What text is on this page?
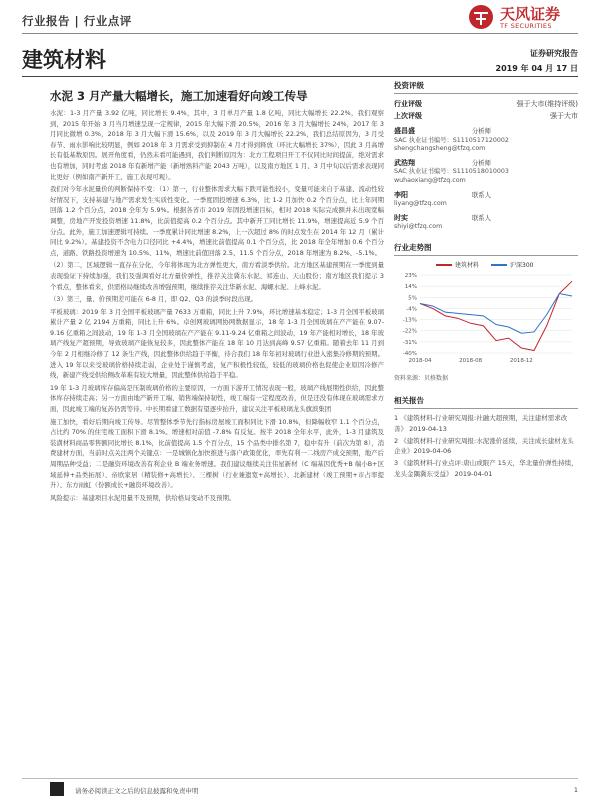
行业报告 | 行业点评	天风证券
TF SECURITIES
建筑材料	证券研究报告
2019 年 04 月 17 日
水泥 3 月产量大幅增长，施工加速看好向竣工传导

水泥：1-3 月产量 3.92 亿吨，同比增长 9.4%，其中，3 月单月产量 1.8 亿吨，同比大幅增长 22.2%，我们观察到，2015 年开始 3 月当月增速呈现一定规律，2015 年大幅下滑 20.5%，2016 年 3 月大幅增长 24%，2017 年 3 月同比微增 0.3%，2018 年 3 月大幅下滑 15.6%，以及 2019 年 3 月大幅增长 22.2%，我们总结原因为，3 月受春节、雨水影响比较明显，例如 2018 年 3 月需求受到抑制在 4 月才得到释放（环比大幅增长 37%），因此 3 月高增长有低基数原因。展开角度看，仍然未看可能遇到，我们判断原因为：北方工程项目开工不仅同比时间提前，绝对需求也有增加，同时考虑 2018 年有新增产能（新增熟料产能 2043 万吨），以及南方地区 1 月、3 月中旬以后需求表现同比更好（例如南产新开工、施工表现可观）。

我们对今年水泥量价的判断保持不变：（1）第一，行业整体需求大幅下跌可能性较小，变量可能来自于基建、流动性较好情况下，支持基建与地产需求发生实质性变化。一季度固投增速 6.3%，比 1-2 月加快 0.2 个百分点，比上年同期回落 1.2 个百分点，2018 全年为 5.9%。根据各省市 2019 年固投增速目标，相对 2018 实际完成额并未出现宽幅调整，房地产开发投资增速 11.8%，比前值提高 0.2 个百分点。其中新开工同比增长 11.9%，增速提高近 5.9 个百分点。此外，施工加速逻辑可持续。一季度累计同比增速 8.2%，上一次超过 8% 的时点发生在 2014 年 12 月（累计同比 9.2%）。基建投资不含电力口径同比 +4.4%，增速比前值提高 0.1 个百分点，比 2018 年全年增加 0.6 个百分点，道路、铁路投资增速为 10.5%、11%，增速比前值回落 2.5、11.5 个百分点，2018 年增速为 8.2%、-5.1%。

（2）第二，区域逻辑一直存在分化，今年将体现为北方弹性更大，南方看淡季供给。北方地区基建预期在一季度到量表现验证下持续加强，我们及强调看好北方量价弹性，推荐关注冀东水泥、祁连山、天山股份；南方地区我们提示 3 个看点，整体看来，供需格局继续改善增强预期，继续推荐关注华新水泥、海螺水泥、上峰水泥。

（3）第三，量、价预期差可能在 6-8 月，即 Q2、Q3 的淡季时段出现。

平板玻璃：2019 年 3 月全国平板玻璃产量 7633 万重箱，同比上升 7.9%，环比增速基本稳定；1-3 月全国平板玻璃累计产量 2 亿 2194 万重箱，同比上升 6%。卓创网玻璃网协网数据显示，18 年 1-3 月全国玻璃在产产能在 9.07-9.16 亿重箱之间波动，19 年 1-3 月全国玻璃在产产能在 9.11-9.24 亿重箱之间波动，19 年产能相对增长，18 年玻璃产线复产超预期，导致玻璃产能恢复较多，因此整体产能在 18 年 10 月达到高峰 9.57 亿重箱。随着去年 11 月到今年 2 月相继冷修了 12 条生产线，因此整体供给趋于平衡，待合我们 18 年年初对玻璃行业进入密集冷修期的预期。进入 19 年以来受玻璃价格持续走弱，企业处于谨慎考虑，复产积极性较低，较低的玻璃价格也促使企业原因冷修产线，新建产线受供给侧改革难有较大增量，因此整体供给趋于平稳。

19 年 1-3 月玻璃库存偏高是压制玻璃价格的主要原因，一方面下游开工情况表现一般，玻璃产线展期性供给，因此整体库存持续走高；另一方面由地产新开工端、销售端保持韧性，竣工端有一定程度改善，但是还没有体现在玻璃需求方面，因此竣工端的复苏仍需等待。中长期看建工数据有望逐步抬升，建议关注平板玻璃龙头旗滨集团

施工加快，看好后期向竣工传导。尽管整体季节先行指标房屋竣工面积同比下滑 10.8%，但降幅收窄 1.1 个百分点，占比约 70% 的住宅竣工面积下滑 8.1%。增速相对前值 -7.8% 有反复。按半 2018 全年水平，此外，1-3 月建筑及装潢材料商品零售额同比增长 8.1%，比前值提高 1.5 个百分点，15 个品类中排名第 7，稳中有升（前次为第 8），消费建材方面，当前时点关注两个关键点：一是城镇化加快推进与落户政策优化，率先有利一二线房产成交预期，地产后周期品种受益；二是融资环境改善有利企业 B 端业务增速。我们建议继续关注伟星新材（C 端基因优秀+B 端小B+区域延伸+品类拓展）、帝欧家居（精装修+高增长）、三棵树（行业兼遗宽+高增长）、北新建材（竣工预期+市占率提升）、东方雨虹（份额成长+融资环境改善）。

风险提示：基建项目水泥用量不及预期，供给格局变动不及预期。

投资评级
行业评级	强于大市(维持评级)
上次评级	强于大市
盛昌盛	分析师
SAC 执业证书编号：S1110517120002
shengchangsheng@tfzq.com
武浩翔	分析师
SAC 执业证书编号：S1110518010003
wuhaoxiang@tfzq.com
李阳	联系人
liyang@tfzq.com
时实	联系人
shiyi@tfzq.com
行业走势图
建筑材料	沪深300
23%
14%
5%
-4%
-13%
-22%
-31%
-40%
2018-04	2018-08	2018-12
资料来源：贝格数据
相关报告
1 《建筑材料-行业研究周报:社融大超预期，关注建材需求改善》 2019-04-13
2 《建筑材料-行业研究周报:水泥涨价延续，关注成长建材龙头企业》2019-04-06
3 《建筑材料-行业点评:唐山或限产 15天，华北量价弹性持续，龙头金隅冀东受益》 2019-04-01
请务必阅读正文之后的信息披露和免责申明	1
